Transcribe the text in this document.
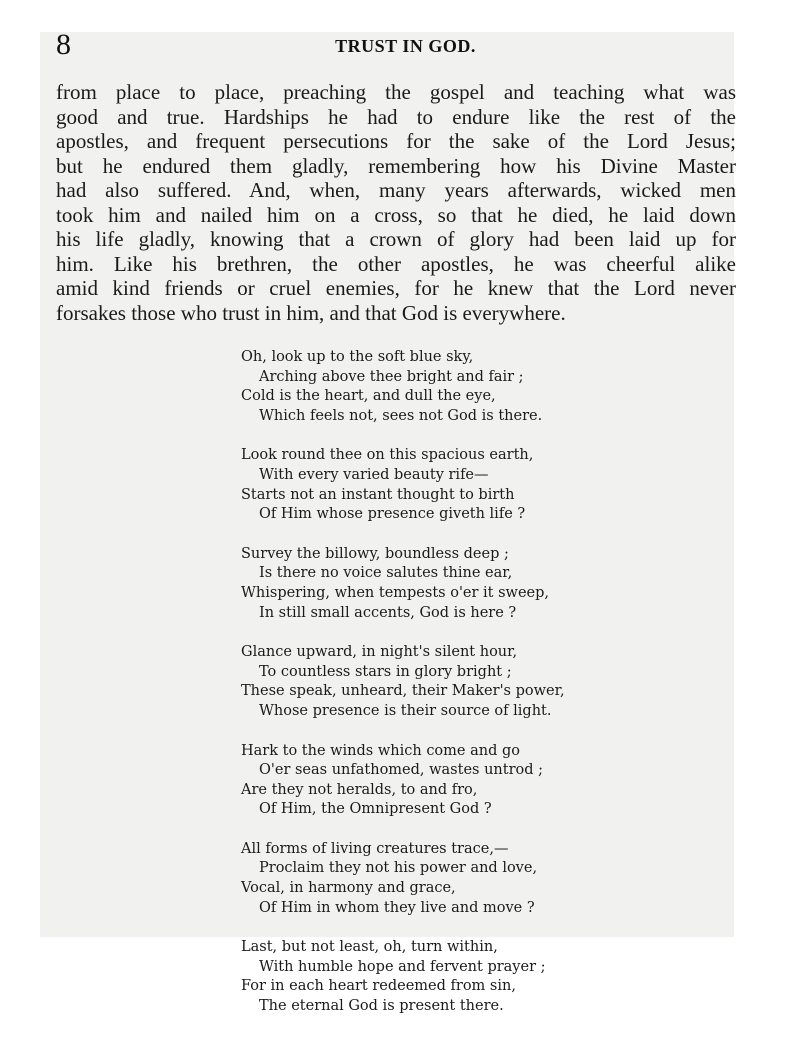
8	TRUST IN GOD.
from place to place, preaching the gospel and teaching what was
good and true. Hardships he had to endure like the rest of the
apostles, and frequent persecutions for the sake of the Lord Jesus;
but he endured them gladly, remembering how his Divine Master
had also suffered. And, when, many years afterwards, wicked men
took him and nailed him on a cross, so that he died, he laid down
his life gladly, knowing that a crown of glory had been laid up for
him. Like his brethren, the other apostles, he was cheerful alike
amid kind friends or cruel enemies, for he knew that the Lord never
forsakes those who trust in him, and that God is everywhere.
Oh, look up to the soft blue sky,
Arching above thee bright and fair ;
Cold is the heart, and dull the eye,
Which feels not, sees not God is there.
Look round thee on this spacious earth,
With every varied beauty rife—
Starts not an instant thought to birth
Of Him whose presence giveth life ?
Survey the billowy, boundless deep ;
Is there no voice salutes thine ear,
Whispering, when tempests o'er it sweep,
In still small accents, God is here ?
Glance upward, in night's silent hour,
To countless stars in glory bright ;
These speak, unheard, their Maker's power,
Whose presence is their source of light.
Hark to the winds which come and go
O'er seas unfathomed, wastes untrod ;
Are they not heralds, to and fro,
Of Him, the Omnipresent God ?
All forms of living creatures trace,—
Proclaim they not his power and love,
Vocal, in harmony and grace,
Of Him in whom they live and move ?
Last, but not least, oh, turn within,
With humble hope and fervent prayer ;
For in each heart redeemed from sin,
The eternal God is present there.
